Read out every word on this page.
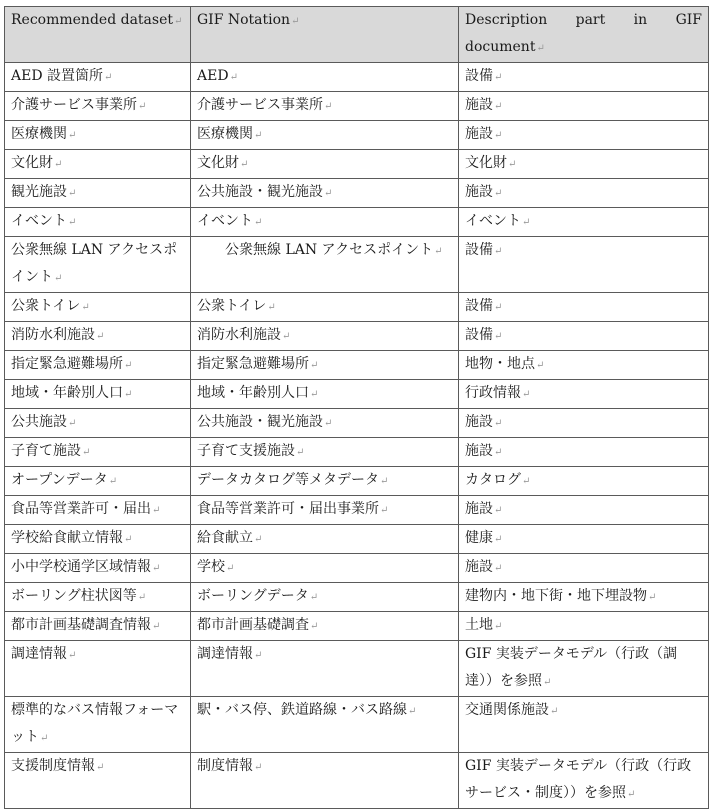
Recommended dataset ↵	GIF Notation ↵	Description part in GIF
document ↵

AED 設置箇所 ↵	AED ↵	設備 ↵
介護サービス事業所 ↵	介護サービス事業所 ↵	施設 ↵
医療機関 ↵	医療機関 ↵	施設 ↵
文化財 ↵	文化財 ↵	文化財 ↵
観光施設 ↵	公共施設・観光施設 ↵	施設 ↵
イベント ↵	イベント ↵	イベント ↵
公衆無線 LAN アクセスポイント ↵	公衆無線 LAN アクセスポイント ↵	設備 ↵
公衆トイレ ↵	公衆トイレ ↵	設備 ↵
消防水利施設 ↵	消防水利施設 ↵	設備 ↵
指定緊急避難場所 ↵	指定緊急避難場所 ↵	地物・地点 ↵
地域・年齢別人口 ↵	地域・年齢別人口 ↵	行政情報 ↵
公共施設 ↵	公共施設・観光施設 ↵	施設 ↵
子育て施設 ↵	子育て支援施設 ↵	施設 ↵
オープンデータ ↵	データカタログ等メタデータ ↵	カタログ ↵
食品等営業許可・届出 ↵	食品等営業許可・届出事業所 ↵	施設 ↵
学校給食献立情報 ↵	給食献立 ↵	健康 ↵
小中学校通学区域情報 ↵	学校 ↵	施設 ↵
ボーリング柱状図等 ↵	ボーリングデータ ↵	建物内・地下街・地下埋設物 ↵
都市計画基礎調査情報 ↵	都市計画基礎調査 ↵	土地 ↵
調達情報 ↵	調達情報 ↵	GIF 実装データモデル（行政（調達））を参照 ↵
標準的なバス情報フォーマット ↵	駅・バス停、鉄道路線・バス路線 ↵	交通関係施設 ↵
支援制度情報 ↵	制度情報 ↵	GIF 実装データモデル（行政（行政サービス・制度））を参照 ↵
